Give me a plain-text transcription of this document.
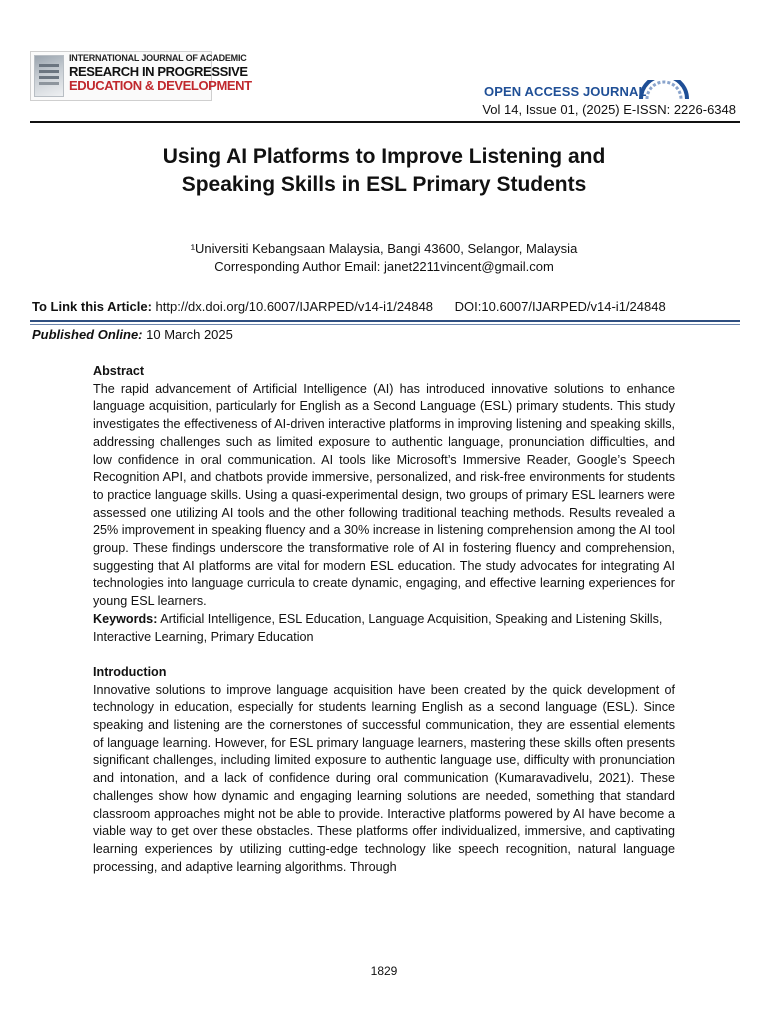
INTERNATIONAL JOURNAL OF ACADEMIC
RESEARCH IN PROGRESSIVE
EDUCATION & DEVELOPMENT	OPEN ACCESS JOURNAL
Vol 14, Issue 01, (2025) E-ISSN: 2226-6348
Using AI Platforms to Improve Listening and
Speaking Skills in ESL Primary Students
¹Universiti Kebangsaan Malaysia, Bangi 43600, Selangor, Malaysia
Corresponding Author Email: janet2211vincent@gmail.com
To Link this Article: http://dx.doi.org/10.6007/IJARPED/v14-i1/24848 DOI:10.6007/IJARPED/v14-i1/24848
Published Online: 10 March 2025

Abstract

The rapid advancement of Artificial Intelligence (AI) has introduced innovative solutions to enhance language acquisition, particularly for English as a Second Language (ESL) primary students. This study investigates the effectiveness of AI-driven interactive platforms in improving listening and speaking skills, addressing challenges such as limited exposure to authentic language, pronunciation difficulties, and low confidence in oral communication. AI tools like Microsoft’s Immersive Reader, Google’s Speech Recognition API, and chatbots provide immersive, personalized, and risk-free environments for students to practice language skills. Using a quasi-experimental design, two groups of primary ESL learners were assessed one utilizing AI tools and the other following traditional teaching methods. Results revealed a 25% improvement in speaking fluency and a 30% increase in listening comprehension among the AI tool group. These findings underscore the transformative role of AI in fostering fluency and comprehension, suggesting that AI platforms are vital for modern ESL education. The study advocates for integrating AI technologies into language curricula to create dynamic, engaging, and effective learning experiences for young ESL learners.

Keywords: Artificial Intelligence, ESL Education, Language Acquisition, Speaking and Listening Skills, Interactive Learning, Primary Education

Introduction

Innovative solutions to improve language acquisition have been created by the quick development of technology in education, especially for students learning English as a second language (ESL). Since speaking and listening are the cornerstones of successful communication, they are essential elements of language learning. However, for ESL primary language learners, mastering these skills often presents significant challenges, including limited exposure to authentic language use, difficulty with pronunciation and intonation, and a lack of confidence during oral communication (Kumaravadivelu, 2021). These challenges show how dynamic and engaging learning solutions are needed, something that standard classroom approaches might not be able to provide. Interactive platforms powered by AI have become a viable way to get over these obstacles. These platforms offer individualized, immersive, and captivating learning experiences by utilizing cutting-edge technology like speech recognition, natural language processing, and adaptive learning algorithms. Through

1829
